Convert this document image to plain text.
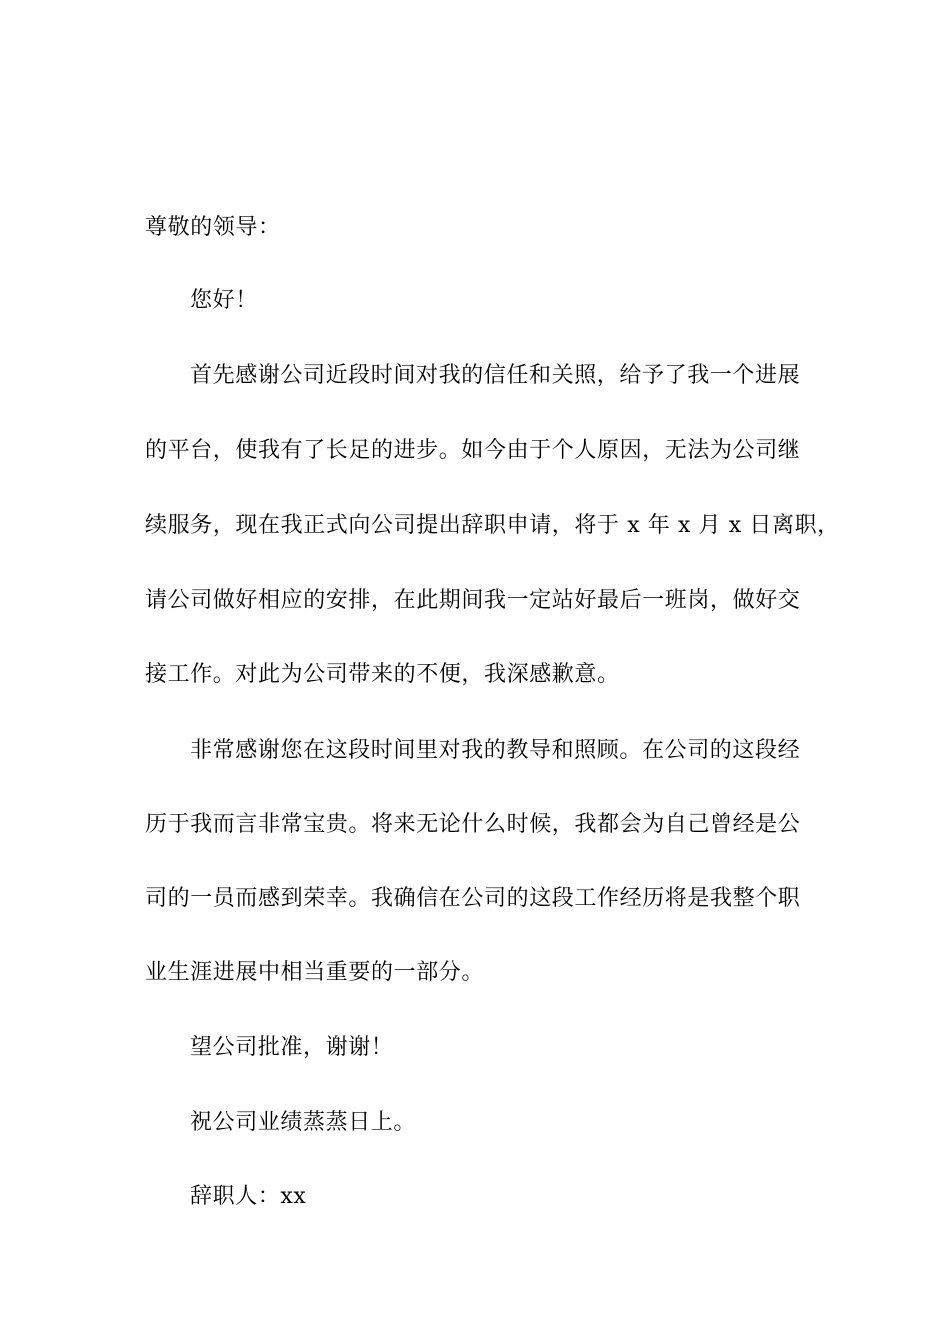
尊敬的领导：
您好！
首先感谢公司近段时间对我的信任和关照，给予了我一个进展
的平台，使我有了长足的进步。如今由于个人原因，无法为公司继
续服务，现在我正式向公司提出辞职申请，将于 x 年 x 月 x 日离职，
请公司做好相应的安排，在此期间我一定站好最后一班岗，做好交
接工作。对此为公司带来的不便，我深感歉意。
非常感谢您在这段时间里对我的教导和照顾。在公司的这段经
历于我而言非常宝贵。将来无论什么时候，我都会为自己曾经是公
司的一员而感到荣幸。我确信在公司的这段工作经历将是我整个职
业生涯进展中相当重要的一部分。
望公司批准，谢谢！
祝公司业绩蒸蒸日上。
辞职人：xx
